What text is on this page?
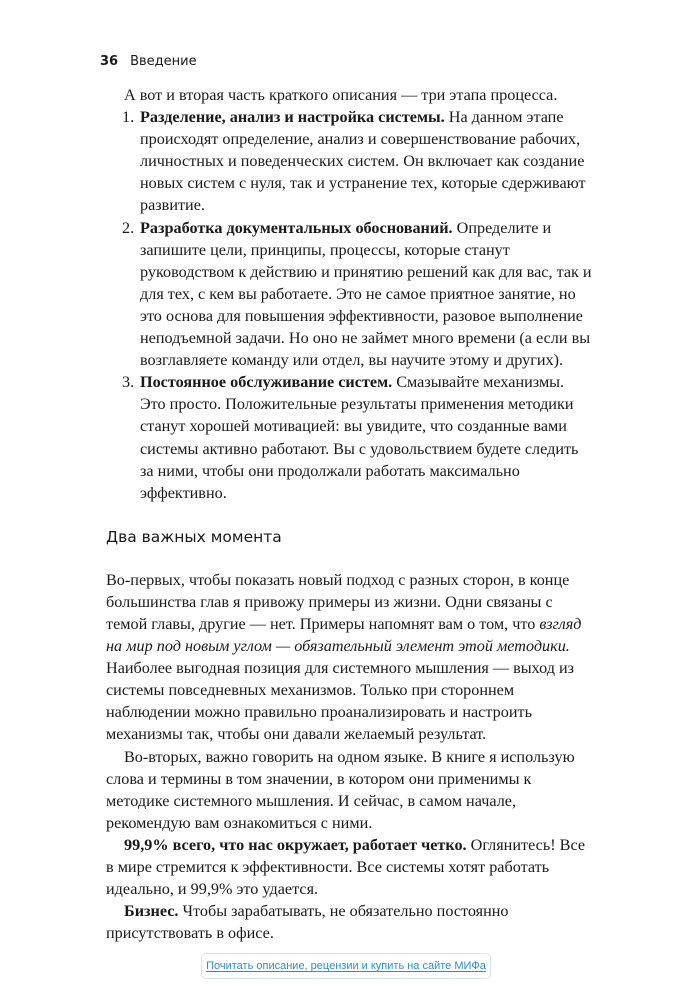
36 Введение

А вот и вторая часть краткого описания — три этапа процесса.

1. Разделение, анализ и настройка системы. На данном этапе происходят определение, анализ и совершенствование рабочих, личностных и поведенческих систем. Он включает как создание новых систем с нуля, так и устранение тех, которые сдерживают развитие.
2. Разработка документальных обоснований. Определите и запишите цели, принципы, процессы, которые станут руководством к действию и принятию решений как для вас, так и для тех, с кем вы работаете. Это не самое приятное занятие, но это основа для повышения эффективности, разовое выполнение неподъемной задачи. Но оно не займет много времени (а если вы возглавляете команду или отдел, вы научите этому и других).
3. Постоянное обслуживание систем. Смазывайте механизмы. Это просто. Положительные результаты применения методики станут хорошей мотивацией: вы увидите, что созданные вами системы активно работают. Вы с удовольствием будете следить за ними, чтобы они продолжали работать максимально эффективно.
Два важных момента

Во-первых, чтобы показать новый подход с разных сторон, в конце большинства глав я привожу примеры из жизни. Одни связаны с темой главы, другие — нет. Примеры напомнят вам о том, что взгляд на мир под новым углом — обязательный элемент этой методики. Наиболее выгодная позиция для системного мышления — выход из системы повседневных механизмов. Только при стороннем наблюдении можно правильно проанализировать и настроить механизмы так, чтобы они давали желаемый результат.

Во-вторых, важно говорить на одном языке. В книге я использую слова и термины в том значении, в котором они применимы к методике системного мышления. И сейчас, в самом начале, рекомендую вам ознакомиться с ними.

99,9% всего, что нас окружает, работает четко. Оглянитесь! Все в мире стремится к эффективности. Все системы хотят работать идеально, и 99,9% это удается.

Бизнес. Чтобы зарабатывать, не обязательно постоянно присутствовать в офисе.

Почитать описание, рецензии и купить на сайте МИФа
